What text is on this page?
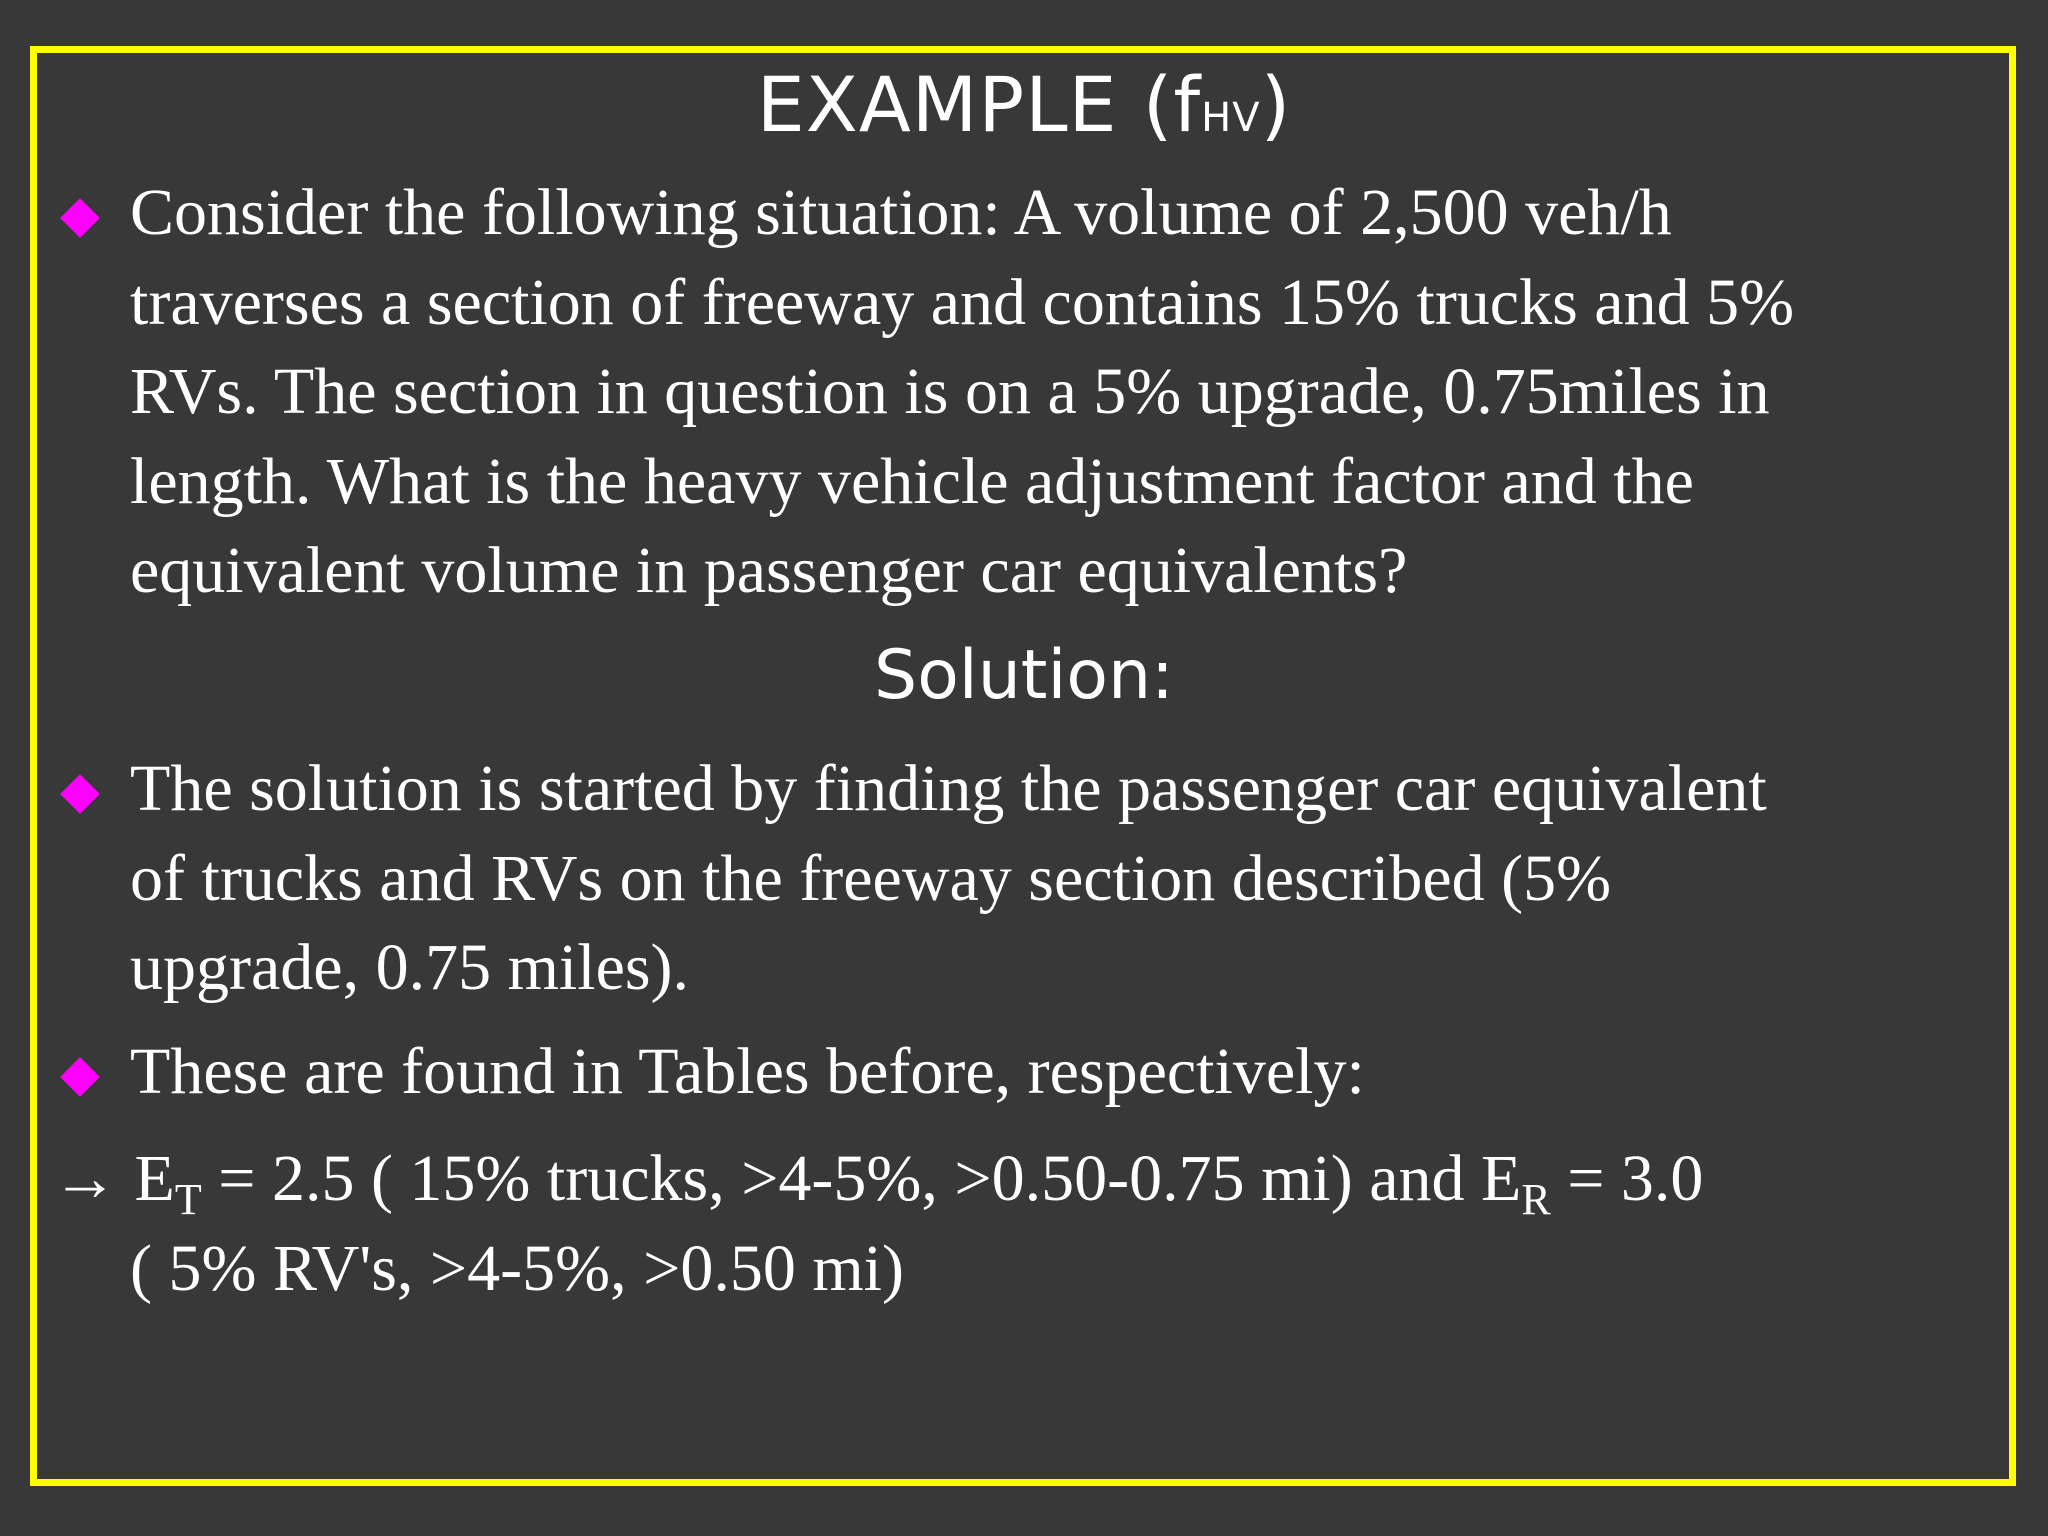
EXAMPLE (fHV)
Consider the following situation: A volume of 2,500 veh/h
traverses a section of freeway and contains 15% trucks and 5%
RVs. The section in question is on a 5% upgrade, 0.75miles in
length. What is the heavy vehicle adjustment factor and the
equivalent volume in passenger car equivalents?
Solution:
The solution is started by finding the passenger car equivalent
of trucks and RVs on the freeway section described (5%
upgrade, 0.75 miles).
These are found in Tables before, respectively:
→ $E_T = 2.5$ ( 15% trucks, >4-5%, >0.50-0.75 mi) and $E_R = 3.0$
( 5% RV's, >4-5%, >0.50 mi)
